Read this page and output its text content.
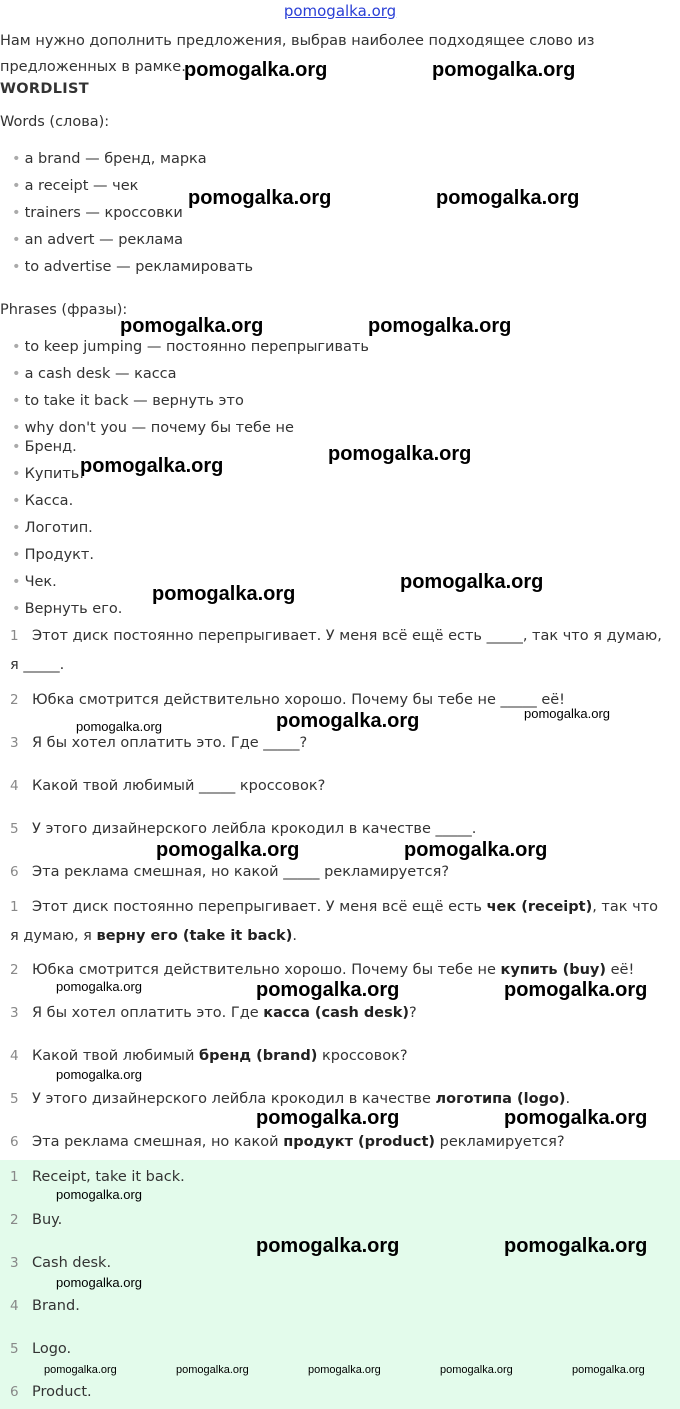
pomogalka.org
Нам нужно дополнить предложения, выбрав наиболее подходящее слово из предложенных в рамке.
WORDLIST
Words (слова):
• a brand — бренд, марка
• a receipt — чек
• trainers — кроссовки
• an advert — реклама
• to advertise — рекламировать
Phrases (фразы):
• to keep jumping — постоянно перепрыгивать
• a cash desk — касса
• to take it back — вернуть это
• why don't you — почему бы тебе не
• Бренд.
• Купить.
• Касса.
• Логотип.
• Продукт.
• Чек.
• Вернуть его.
1 Этот диск постоянно перепрыгивает. У меня всё ещё есть _____, так что я думаю, я _____.
2 Юбка смотрится действительно хорошо. Почему бы тебе не _____ её!
3 Я бы хотел оплатить это. Где _____?
4 Какой твой любимый _____ кроссовок?
5 У этого дизайнерского лейбла крокодил в качестве _____.
6 Эта реклама смешная, но какой _____ рекламируется?
1 Этот диск постоянно перепрыгивает. У меня всё ещё есть чек (receipt), так что я думаю, я верну его (take it back).
2 Юбка смотрится действительно хорошо. Почему бы тебе не купить (buy) её!
3 Я бы хотел оплатить это. Где касса (cash desk)?
4 Какой твой любимый бренд (brand) кроссовок?
5 У этого дизайнерского лейбла крокодил в качестве логотипа (logo).
6 Эта реклама смешная, но какой продукт (product) рекламируется?
1 Receipt, take it back.
2 Buy.
3 Cash desk.
4 Brand.
5 Logo.
6 Product.
pomogalka.org	pomogalka.org
pomogalka.org	pomogalka.org
pomogalka.org	pomogalka.org
pomogalka.org
pomogalka.org
pomogalka.org
pomogalka.org
pomogalka.org	pomogalka.org	pomogalka.org
pomogalka.org	pomogalka.org
pomogalka.org	pomogalka.org	pomogalka.org
pomogalka.org
pomogalka.org	pomogalka.org
pomogalka.org
pomogalka.org	pomogalka.org
pomogalka.org
pomogalka.org	pomogalka.org	pomogalka.org	pomogalka.org	pomogalka.org
